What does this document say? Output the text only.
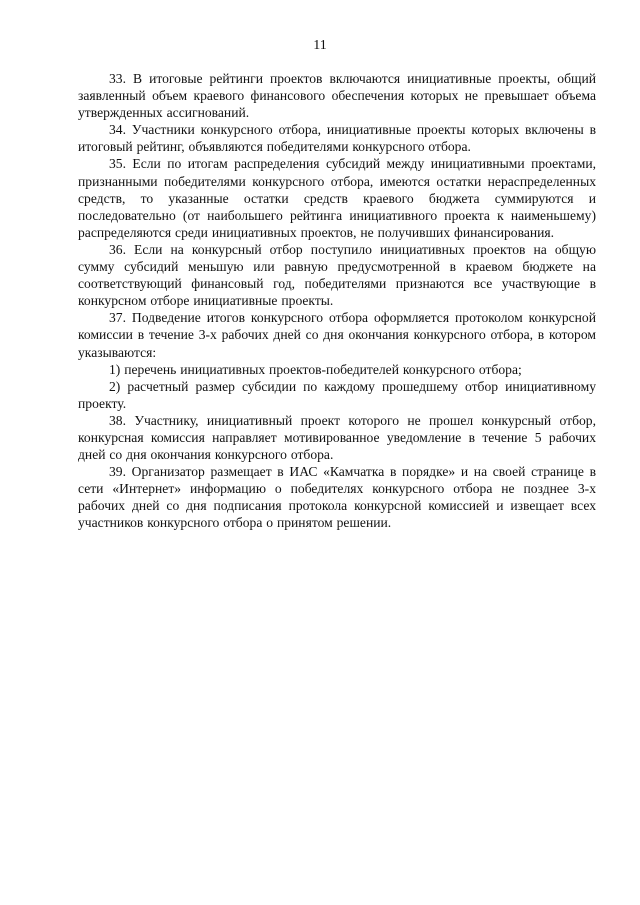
11

33. В итоговые рейтинги проектов включаются инициативные проекты, общий заявленный объем краевого финансового обеспечения которых не превышает объема утвержденных ассигнований.

34. Участники конкурсного отбора, инициативные проекты которых включены в итоговый рейтинг, объявляются победителями конкурсного отбора.

35. Если по итогам распределения субсидий между инициативными проектами, признанными победителями конкурсного отбора, имеются остатки нераспределенных средств, то указанные остатки средств краевого бюджета суммируются и последовательно (от наибольшего рейтинга инициативного проекта к наименьшему) распределяются среди инициативных проектов, не получивших финансирования.

36. Если на конкурсный отбор поступило инициативных проектов на общую сумму субсидий меньшую или равную предусмотренной в краевом бюджете на соответствующий финансовый год, победителями признаются все участвующие в конкурсном отборе инициативные проекты.

37. Подведение итогов конкурсного отбора оформляется протоколом конкурсной комиссии в течение 3-х рабочих дней со дня окончания конкурсного отбора, в котором указываются:

1) перечень инициативных проектов-победителей конкурсного отбора;

2) расчетный размер субсидии по каждому прошедшему отбор инициативному проекту.

38. Участнику, инициативный проект которого не прошел конкурсный отбор, конкурсная комиссия направляет мотивированное уведомление в течение 5 рабочих дней со дня окончания конкурсного отбора.

39. Организатор размещает в ИАС «Камчатка в порядке» и на своей странице в сети «Интернет» информацию о победителях конкурсного отбора не позднее 3-х рабочих дней со дня подписания протокола конкурсной комиссией и извещает всех участников конкурсного отбора о принятом решении.
